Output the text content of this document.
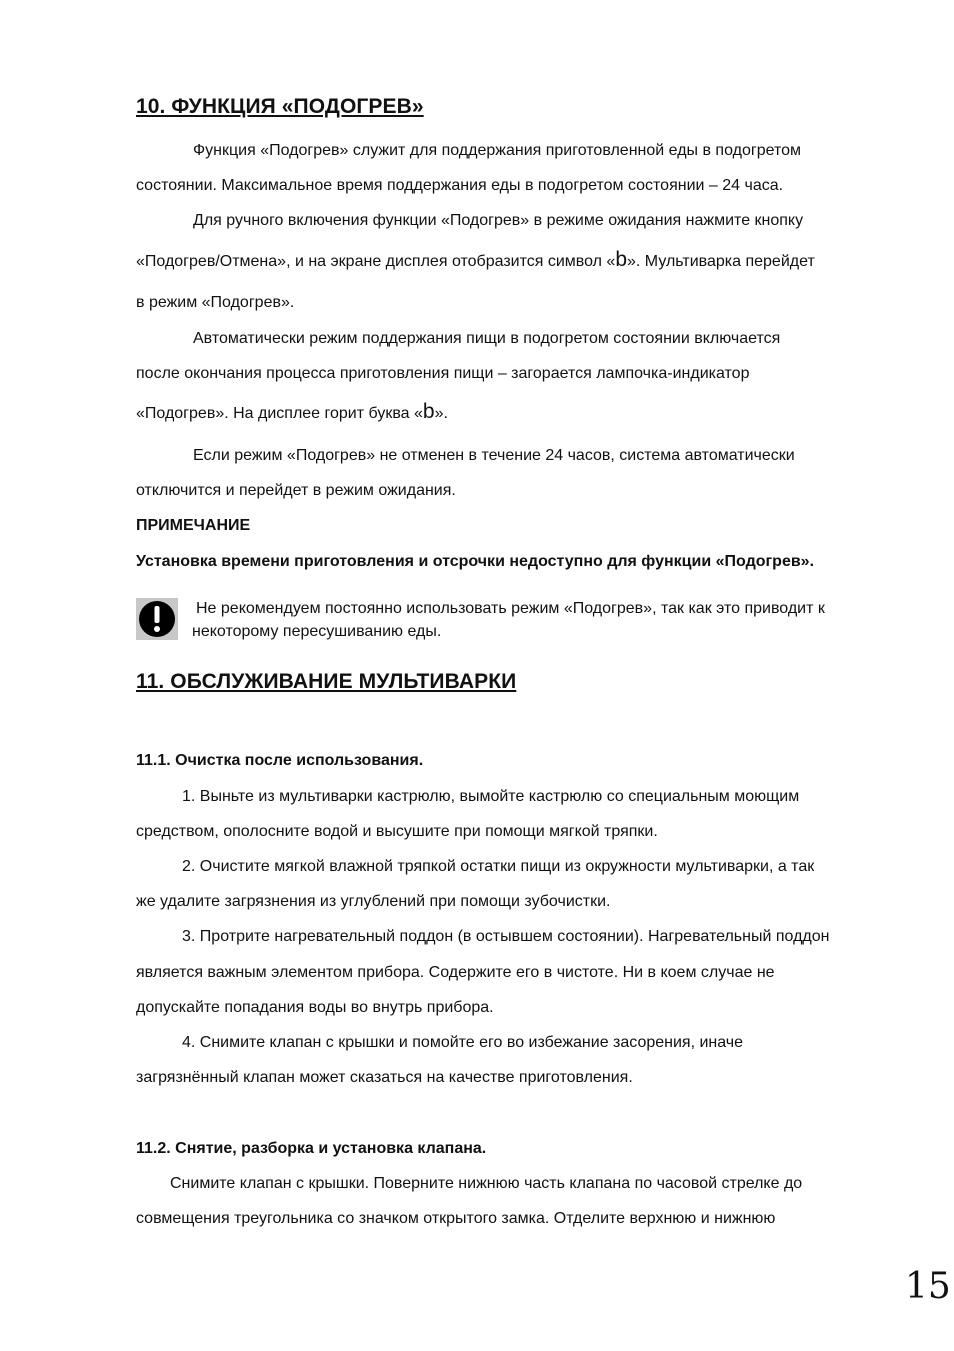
10. ФУНКЦИЯ «ПОДОГРЕВ»
Функция «Подогрев» служит для поддержания приготовленной еды в подогретом
состоянии. Максимальное время поддержания еды в подогретом состоянии – 24 часа.
Для ручного включения функции «Подогрев» в режиме ожидания нажмите кнопку
«Подогрев/Отмена», и на экране дисплея отобразится символ «b». Мультиварка перейдет
в режим «Подогрев».
Автоматически режим поддержания пищи в подогретом состоянии включается
после окончания процесса приготовления пищи – загорается лампочка-индикатор
«Подогрев». На дисплее горит буква «b».
Если режим «Подогрев» не отменен в течение 24 часов, система автоматически
отключится и перейдет в режим ожидания.
ПРИМЕЧАНИЕ
Установка времени приготовления и отсрочки недоступно для функции «Подогрев».
Не рекомендуем постоянно использовать режим «Подогрев», так как это приводит к
некоторому пересушиванию еды.
11. ОБСЛУЖИВАНИЕ МУЛЬТИВАРКИ
11.1. Очистка после использования.
1. Выньте из мультиварки кастрюлю, вымойте кастрюлю со специальным моющим
средством, ополосните водой и высушите при помощи мягкой тряпки.
2. Очистите мягкой влажной тряпкой остатки пищи из окружности мультиварки, а так
же удалите загрязнения из углублений при помощи зубочистки.
3. Протрите нагревательный поддон (в остывшем состоянии). Нагревательный поддон
является важным элементом прибора. Содержите его в чистоте. Ни в коем случае не
допускайте попадания воды во внутрь прибора.
4. Снимите клапан с крышки и помойте его во избежание засорения, иначе
загрязнённый клапан может сказаться на качестве приготовления.
11.2. Снятие, разборка и установка клапана.
Снимите клапан с крышки. Поверните нижнюю часть клапана по часовой стрелке до
совмещения треугольника со значком открытого замка. Отделите верхнюю и нижнюю
15
